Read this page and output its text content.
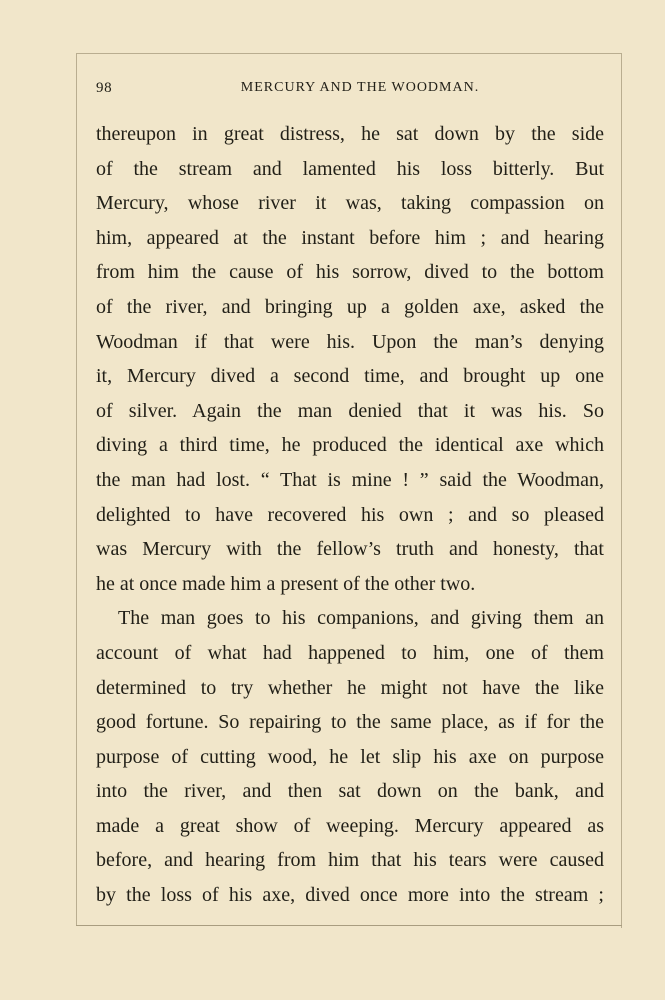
98	MERCURY AND THE WOODMAN.
thereupon in great distress, he sat down by the side
of the stream and lamented his loss bitterly. But
Mercury, whose river it was, taking compassion on
him, appeared at the instant before him ; and hearing
from him the cause of his sorrow, dived to the bottom
of the river, and bringing up a golden axe, asked the
Woodman if that were his. Upon the man’s denying
it, Mercury dived a second time, and brought up one
of silver. Again the man denied that it was his. So
diving a third time, he produced the identical axe which
the man had lost. “ That is mine ! ” said the Woodman,
delighted to have recovered his own ; and so pleased
was Mercury with the fellow’s truth and honesty, that
he at once made him a present of the other two.
The man goes to his companions, and giving them an
account of what had happened to him, one of them
determined to try whether he might not have the like
good fortune. So repairing to the same place, as if for the
purpose of cutting wood, he let slip his axe on purpose
into the river, and then sat down on the bank, and
made a great show of weeping. Mercury appeared as
before, and hearing from him that his tears were caused
by the loss of his axe, dived once more into the stream ;
